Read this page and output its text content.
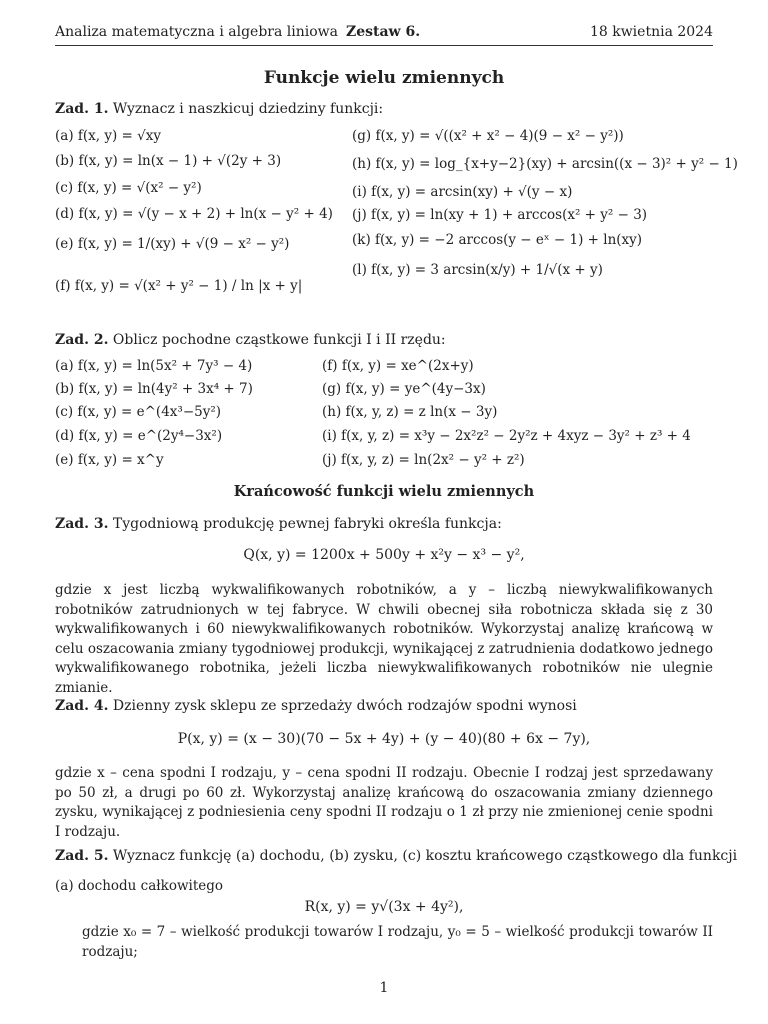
Analiza matematyczna i algebra liniowa Zestaw 6.	18 kwietnia 2024
Funkcje wielu zmiennych
Zad. 1. Wyznacz i naszkicuj dziedziny funkcji:
(a) f(x, y) = √xy
(b) f(x, y) = ln(x − 1) + √(2y + 3)
(c) f(x, y) = √(x² − y²)
(d) f(x, y) = √(y − x + 2) + ln(x − y² + 4)
(e) f(x, y) = 1/(xy) + √(9 − x² − y²)
(f) f(x, y) = √(x² + y² − 1) / ln |x + y|
(g) f(x, y) = √((x² + x² − 4)(9 − x² − y²))
(h) f(x, y) = log_{x+y−2}(xy) + arcsin((x − 3)² + y² − 1)
(i) f(x, y) = arcsin(xy) + √(y − x)
(j) f(x, y) = ln(xy + 1) + arccos(x² + y² − 3)
(k) f(x, y) = −2 arccos(y − eˣ − 1) + ln(xy)
(l) f(x, y) = 3 arcsin(x/y) + 1/√(x + y)
Zad. 2. Oblicz pochodne cząstkowe funkcji I i II rzędu:
(a) f(x, y) = ln(5x² + 7y³ − 4)
(b) f(x, y) = ln(4y² + 3x⁴ + 7)
(c) f(x, y) = e^(4x³−5y²)
(d) f(x, y) = e^(2y⁴−3x²)
(e) f(x, y) = x^y
(f) f(x, y) = xe^(2x+y)
(g) f(x, y) = ye^(4y−3x)
(h) f(x, y, z) = z ln(x − 3y)
(i) f(x, y, z) = x³y − 2x²z² − 2y²z + 4xyz − 3y² + z³ + 4
(j) f(x, y, z) = ln(2x² − y² + z²)
Krańcowość funkcji wielu zmiennych
Zad. 3. Tygodniową produkcję pewnej fabryki określa funkcja:
Q(x, y) = 1200x + 500y + x²y − x³ − y²,
gdzie x jest liczbą wykwalifikowanych robotników, a y – liczbą niewykwalifikowanych robotników zatrudnionych w tej fabryce. W chwili obecnej siła robotnicza składa się z 30 wykwalifikowanych i 60 niewykwalifikowanych robotników. Wykorzystaj analizę krańcową w celu oszacowania zmiany tygodniowej produkcji, wynikającej z zatrudnienia dodatkowo jednego wykwalifikowanego robotnika, jeżeli liczba niewykwalifikowanych robotników nie ulegnie zmianie.
Zad. 4. Dzienny zysk sklepu ze sprzedaży dwóch rodzajów spodni wynosi
P(x, y) = (x − 30)(70 − 5x + 4y) + (y − 40)(80 + 6x − 7y),
gdzie x – cena spodni I rodzaju, y – cena spodni II rodzaju. Obecnie I rodzaj jest sprzedawany po 50 zł, a drugi po 60 zł. Wykorzystaj analizę krańcową do oszacowania zmiany dziennego zysku, wynikającej z podniesienia ceny spodni II rodzaju o 1 zł przy nie zmienionej cenie spodni I rodzaju.
Zad. 5. Wyznacz funkcję (a) dochodu, (b) zysku, (c) kosztu krańcowego cząstkowego dla funkcji
(a) dochodu całkowitego
R(x, y) = y√(3x + 4y²),
gdzie x₀ = 7 – wielkość produkcji towarów I rodzaju, y₀ = 5 – wielkość produkcji towarów II rodzaju;
1
